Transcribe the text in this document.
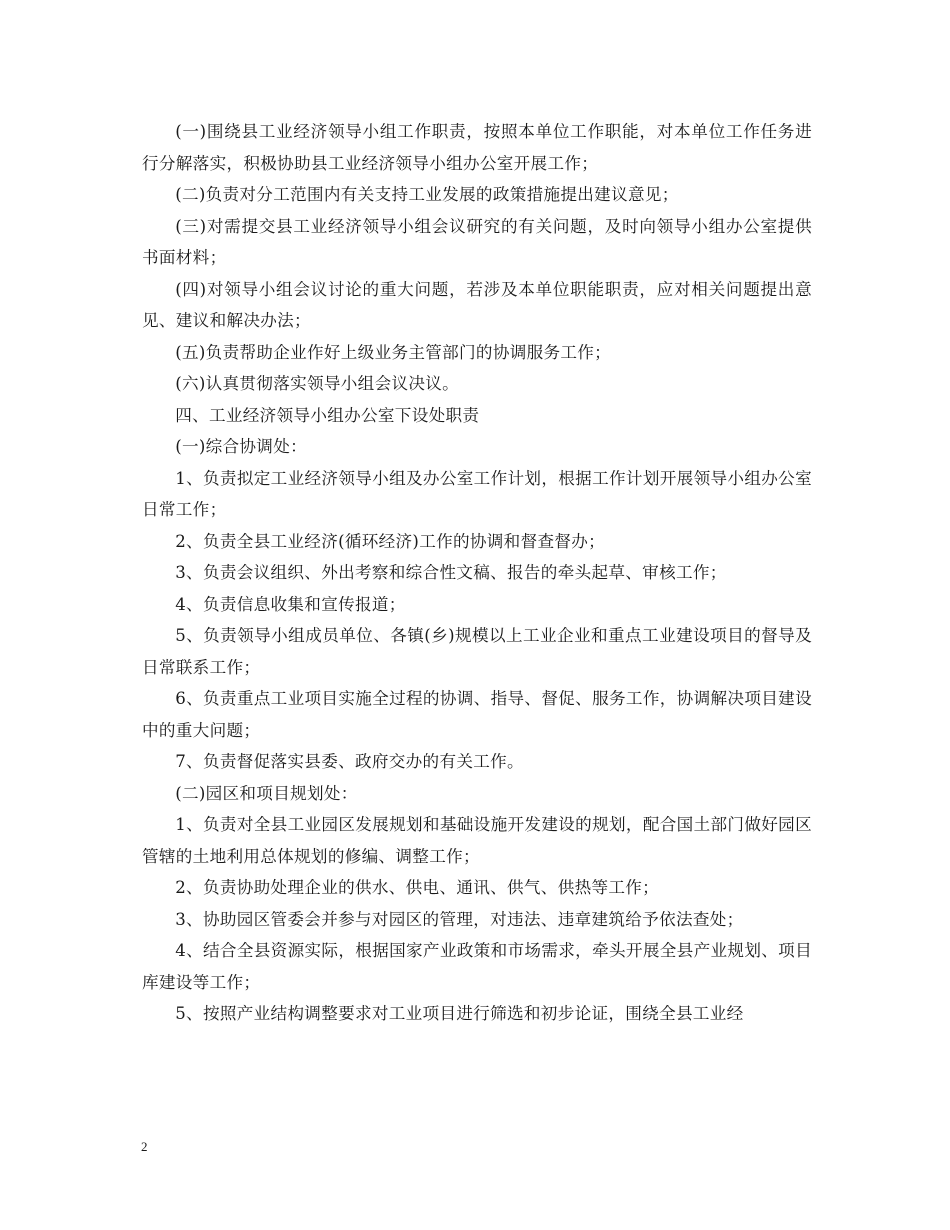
(一)围绕县工业经济领导小组工作职责，按照本单位工作职能，对本单位工作任务进行分解落实，积极协助县工业经济领导小组办公室开展工作；

(二)负责对分工范围内有关支持工业发展的政策措施提出建议意见；

(三)对需提交县工业经济领导小组会议研究的有关问题，及时向领导小组办公室提供书面材料；

(四)对领导小组会议讨论的重大问题，若涉及本单位职能职责，应对相关问题提出意见、建议和解决办法；

(五)负责帮助企业作好上级业务主管部门的协调服务工作；

(六)认真贯彻落实领导小组会议决议。

四、工业经济领导小组办公室下设处职责

(一)综合协调处：

1、负责拟定工业经济领导小组及办公室工作计划，根据工作计划开展领导小组办公室日常工作；

2、负责全县工业经济(循环经济)工作的协调和督查督办；

3、负责会议组织、外出考察和综合性文稿、报告的牵头起草、审核工作；

4、负责信息收集和宣传报道；

5、负责领导小组成员单位、各镇(乡)规模以上工业企业和重点工业建设项目的督导及日常联系工作；

6、负责重点工业项目实施全过程的协调、指导、督促、服务工作，协调解决项目建设中的重大问题；

7、负责督促落实县委、政府交办的有关工作。

(二)园区和项目规划处：

1、负责对全县工业园区发展规划和基础设施开发建设的规划，配合国土部门做好园区管辖的土地利用总体规划的修编、调整工作；

2、负责协助处理企业的供水、供电、通讯、供气、供热等工作；

3、协助园区管委会并参与对园区的管理，对违法、违章建筑给予依法查处；

4、结合全县资源实际，根据国家产业政策和市场需求，牵头开展全县产业规划、项目库建设等工作；

5、按照产业结构调整要求对工业项目进行筛选和初步论证，围绕全县工业经

2
